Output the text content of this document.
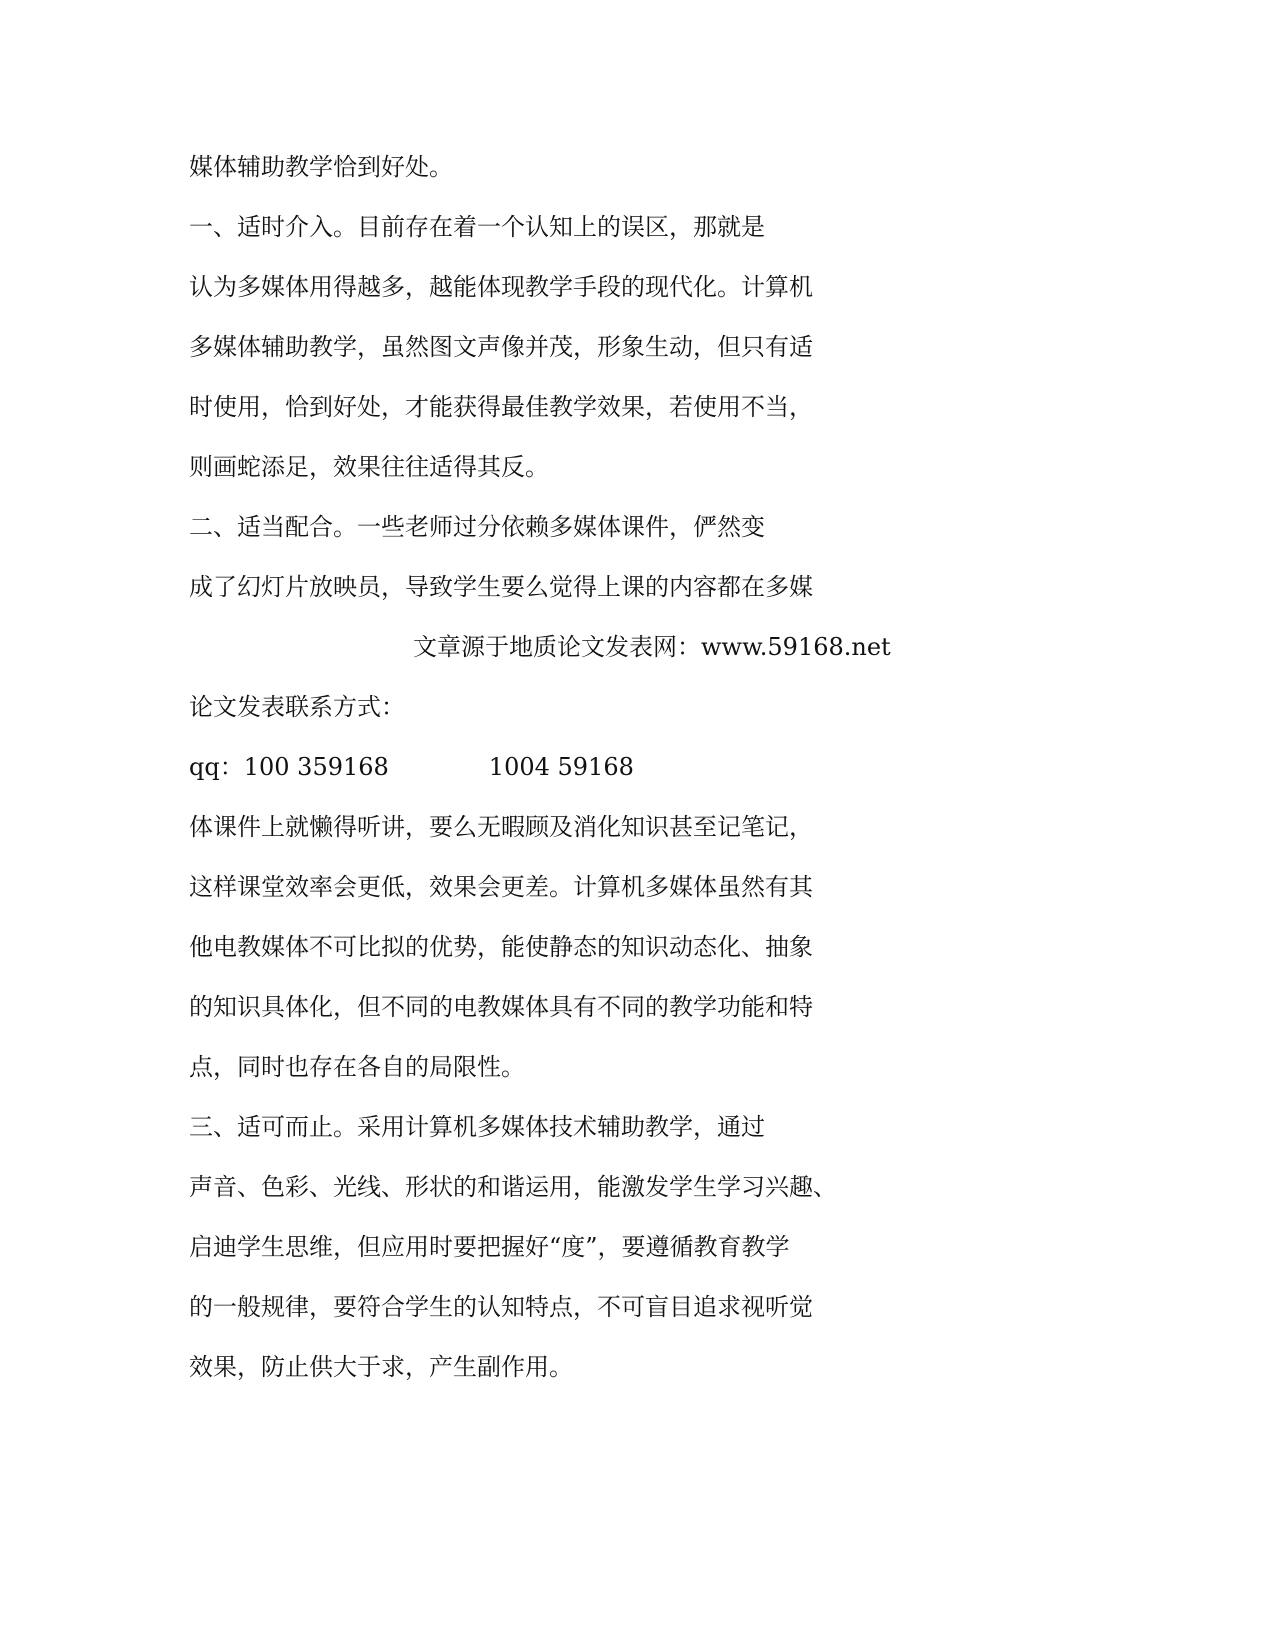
媒体辅助教学恰到好处。
一、适时介入。目前存在着一个认知上的误区，那就是
认为多媒体用得越多，越能体现教学手段的现代化。计算机
多媒体辅助教学，虽然图文声像并茂，形象生动，但只有适
时使用，恰到好处，才能获得最佳教学效果，若使用不当，
则画蛇添足，效果往往适得其反。
二、适当配合。一些老师过分依赖多媒体课件，俨然变
成了幻灯片放映员，导致学生要么觉得上课的内容都在多媒
文章源于地质论文发表网：www.59168.net
论文发表联系方式：
qq：100 359168	1004 59168
体课件上就懒得听讲，要么无暇顾及消化知识甚至记笔记，
这样课堂效率会更低，效果会更差。计算机多媒体虽然有其
他电教媒体不可比拟的优势，能使静态的知识动态化、抽象
的知识具体化，但不同的电教媒体具有不同的教学功能和特
点，同时也存在各自的局限性。
三、适可而止。采用计算机多媒体技术辅助教学，通过
声音、色彩、光线、形状的和谐运用，能激发学生学习兴趣、
启迪学生思维，但应用时要把握好“度”，要遵循教育教学
的一般规律，要符合学生的认知特点，不可盲目追求视听觉
效果，防止供大于求，产生副作用。
